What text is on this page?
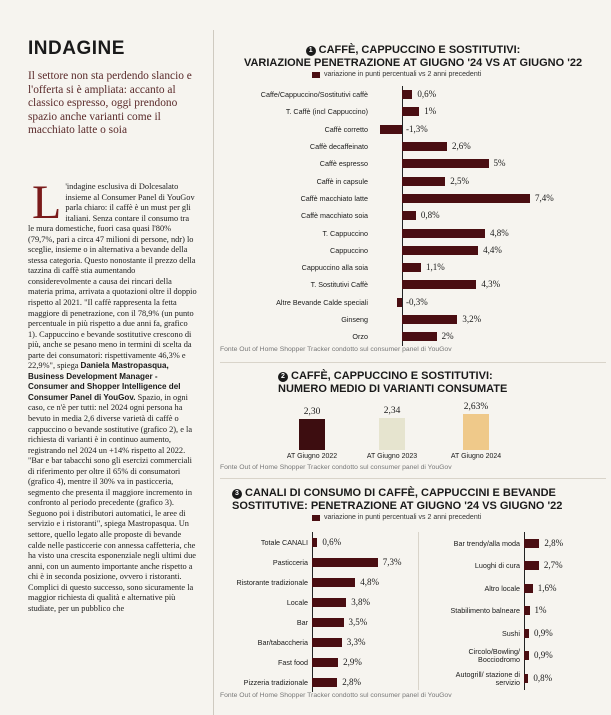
INDAGINE
Il settore non sta perdendo slancio e l'offerta si è ampliata: accanto al classico espresso, oggi prendono spazio anche varianti come il macchiato latte o soia
L 'indagine esclusiva di Dolcesalato insieme al Consumer Panel di YouGov parla chiaro: il caffè è un must per gli italiani. Senza contare il consumo tra le mura domestiche, fuori casa quasi l'80% (79,7%, pari a circa 47 milioni di persone, ndr) lo sceglie, insieme o in alternativa a bevande della stessa categoria. Questo nonostante il prezzo della tazzina di caffè stia aumentando considerevolmente a causa dei rincari della materia prima, arrivata a quotazioni oltre il doppio rispetto al 2021. "Il caffè rappresenta la fetta maggiore di penetrazione, con il 78,9% (un punto percentuale in più rispetto a due anni fa, grafico 1). Cappuccino e bevande sostitutive crescono di più, anche se pesano meno in termini di scelta da parte dei consumatori: rispettivamente 46,3% e 22,9%", spiega Daniela Mastropasqua, Business Development Manager - Consumer and Shopper Intelligence del Consumer Panel di YouGov. Spazio, in ogni caso, ce n'è per tutti: nel 2024 ogni persona ha bevuto in media 2,6 diverse varietà di caffè o cappuccino o bevande sostitutive (grafico 2), e la richiesta di varianti è in continuo aumento, registrando nel 2024 un +14% rispetto al 2022. "Bar e bar tabacchi sono gli esercizi commerciali di riferimento per oltre il 65% di consumatori (grafico 4), mentre il 30% va in pasticceria, segmento che presenta il maggiore incremento in confronto al periodo precedente (grafico 3). Seguono poi i distributori automatici, le aree di servizio e i ristoranti", spiega Mastropasqua. Un settore, quello legato alle proposte di bevande calde nelle pasticcerie con annessa caffetteria, che ha visto una crescita esponenziale negli ultimi due anni, con un aumento importante anche rispetto a chi è in seconda posizione, ovvero i ristoranti. Complici di questo successo, sono sicuramente la maggior richiesta di qualità e alternative più studiate, per un pubblico che
1 CAFFÈ, CAPPUCCINO E SOSTITUTIVI:
VARIAZIONE PENETRAZIONE AT GIUGNO '24 VS AT GIUGNO '22
variazione in punti percentuali vs 2 anni precedenti
Caffe/Cappuccino/Sostitutivi caffè	0,6%
T. Caffè (incl Cappuccino)	1%
Caffè corretto	-1,3%
Caffè decaffeinato	2,6%
Caffè espresso	5%
Caffè in capsule	2,5%
Caffè macchiato latte	7,4%
Caffè macchiato soia	0,8%
T. Cappuccino	4,8%
Cappuccino	4,4%
Cappuccino alla soia	1,1%
T. Sostitutivi Caffè	4,3%
Altre Bevande Calde speciali	-0,3%
Ginseng	3,2%
Orzo	2%
Fonte Out of Home Shopper Tracker condotto sul consumer panel di YouGov
2 CAFFÈ, CAPPUCCINO E SOSTITUTIVI:
NUMERO MEDIO DI VARIANTI CONSUMATE
2,30
AT Giugno 2022
2,34
AT Giugno 2023
2,63%
AT Giugno 2024
Fonte Out of Home Shopper Tracker condotto sul consumer panel di YouGov
3 CANALI DI CONSUMO DI CAFFÈ, CAPPUCCINI E BEVANDE
SOSTITUTIVE: PENETRAZIONE AT GIUGNO '24 VS GIUGNO '22
variazione in punti percentuali vs 2 anni precedenti
Totale CANALI 0,6%
Pasticceria	7,3%
Ristorante tradizionale	4,8%
Locale	3,8%
Bar	3,5%
Bar/tabaccheria	3,3%
Fast food	2,9%
Pizzeria tradizionale	2,8%
Bar trendy/alla moda	2,8%
Luoghi di cura	2,7%
Altro locale 1,6%
Stabilimento balneare 1%
Sushi 0,9%
Circolo/Bowling/ Bocciodromo 0,9%
Autogrill/ stazione di servizio 0,8%
Fonte Out of Home Shopper Tracker condotto sul consumer panel di YouGov
